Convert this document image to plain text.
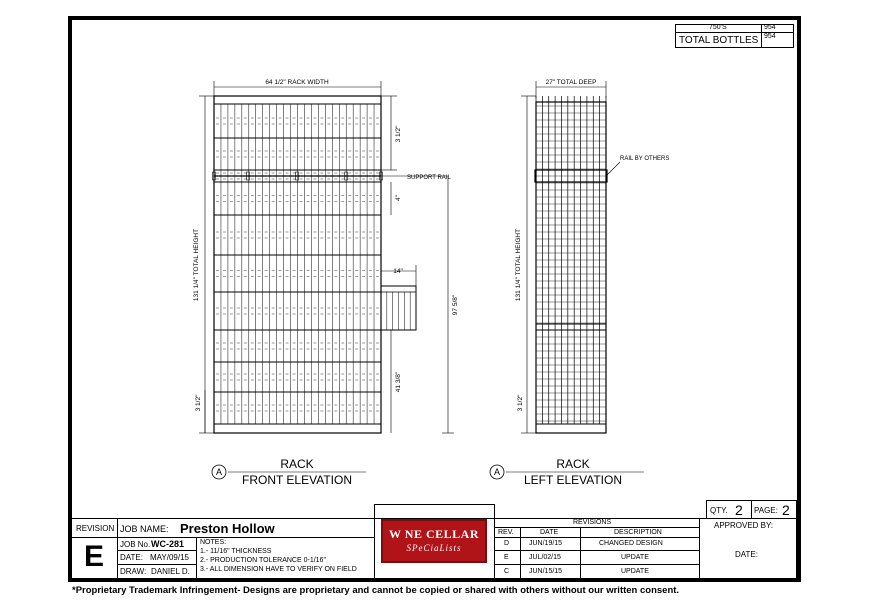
750'S	954
TOTAL BOTTLES 954
A	A
RACK
FRONT ELEVATION
RACK
LEFT ELEVATION
64 1/2" RACK WIDTH
131 1/4" TOTAL HEIGHT
3 1/2"
SUPPORT RAIL
4"
14"
97 5/8"
41 3/8"
3 1/2"
27" TOTAL DEEP
RAIL BY OTHERS
131 1/4" TOTAL HEIGHT
3 1/2"
REVISION
E
JOB NAME: Preston Hollow
JOB No. WC-281
DATE: MAY/09/15
DRAW: DANIEL D.
NOTES:
1.- 11/16" THICKNESS
2.- PRODUCTION TOLERANCE 0-1/16"
3.- ALL DIMENSION HAVE TO VERIFY ON FIELD
W NE CELLAR
SPeCiaLists
REVISIONS
REV.	DATE	DESCRIPTION
D	JUN/19/15	CHANGED DESIGN
E	JUL/02/15	UPDATE
C	JUN/15/15	UPDATE
QTY. 2 PAGE: 2
APPROVED BY:
DATE:
*Proprietary Trademark Infringement- Designs are proprietary and cannot be copied or shared with others without our written consent.
